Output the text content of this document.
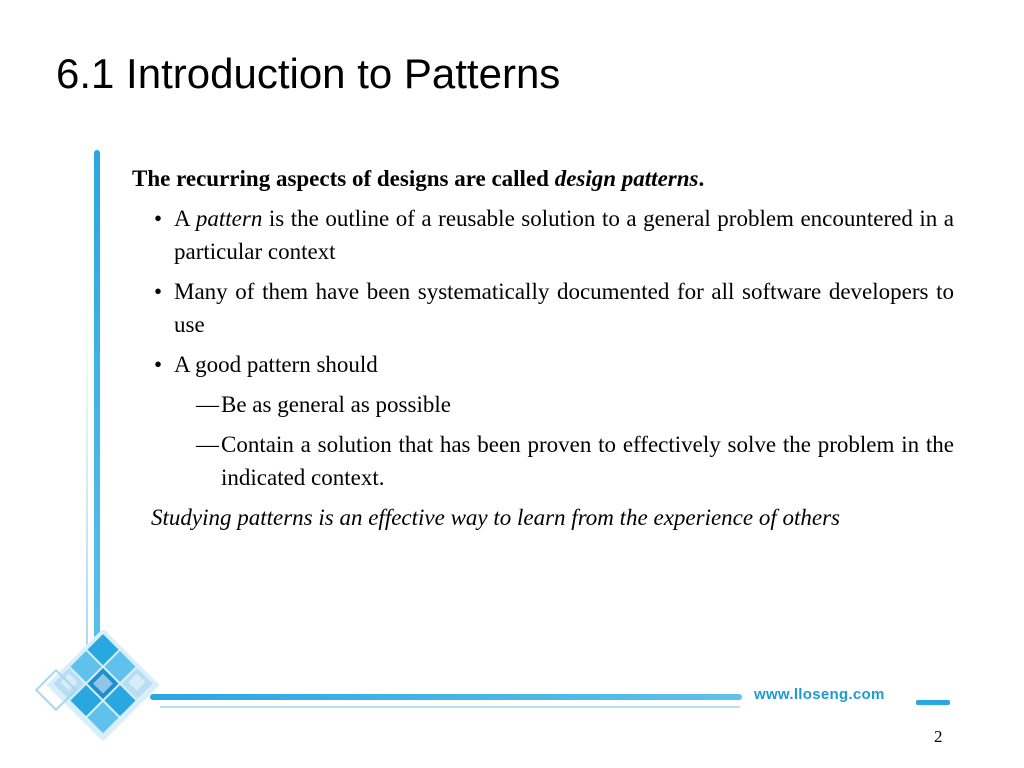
6.1 Introduction to Patterns

The recurring aspects of designs are called design patterns.

• A pattern is the outline of a reusable solution to a general problem encountered in a particular context
• Many of them have been systematically documented for all software developers to use
• A good pattern should
— Be as general as possible
— Contain a solution that has been proven to effectively solve the problem in the indicated context.

Studying patterns is an effective way to learn from the experience of others

www.lloseng.com
2
